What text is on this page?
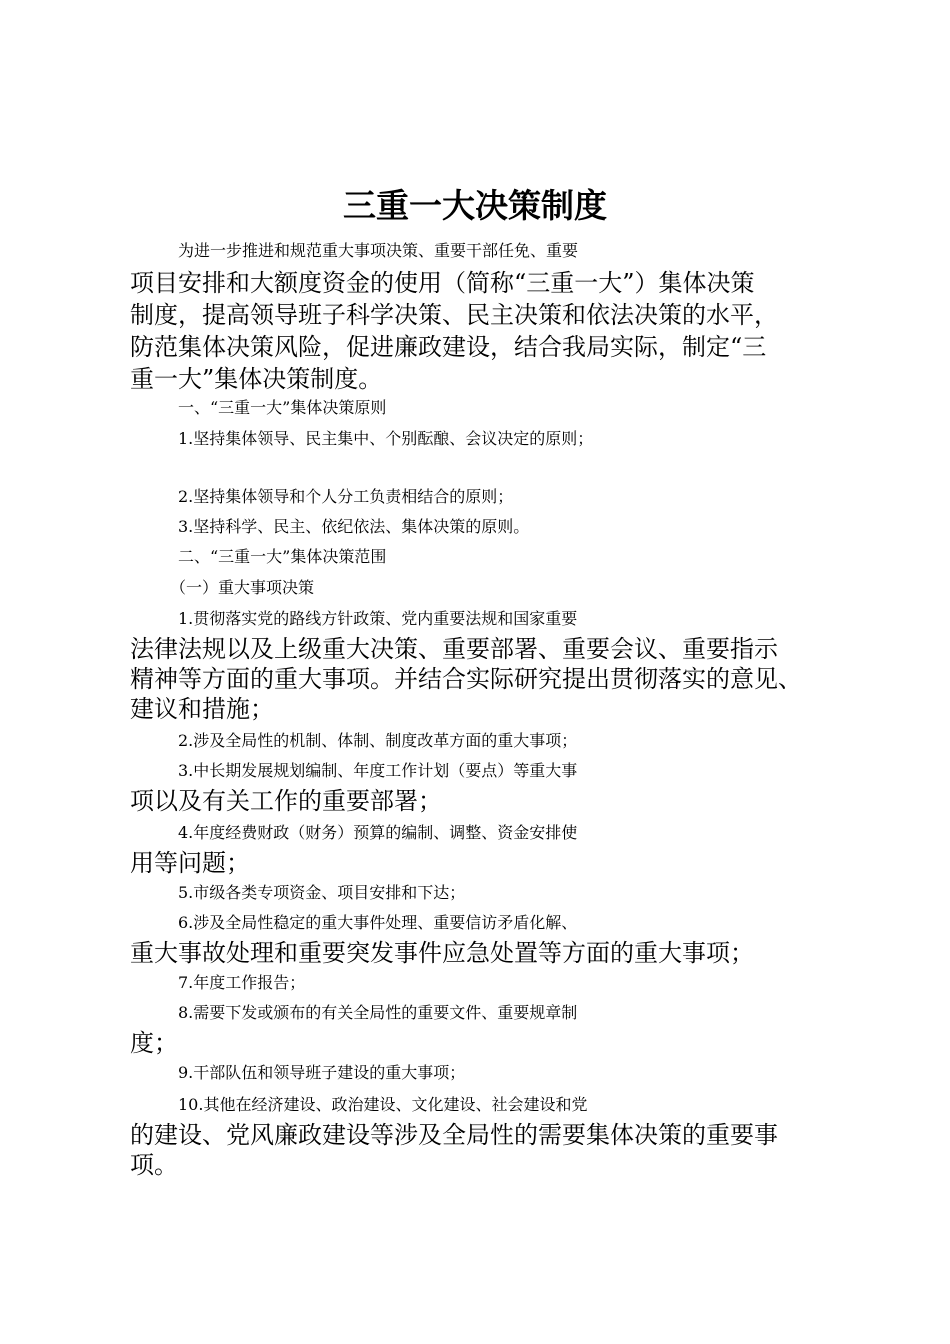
三重一大决策制度
为进一步推进和规范重大事项决策、重要干部任免、重要
项目安排和大额度资金的使用（简称“三重一大”）集体决策
制度，提高领导班子科学决策、民主决策和依法决策的水平，
防范集体决策风险，促进廉政建设，结合我局实际，制定“三
重一大”集体决策制度。
一、“三重一大”集体决策原则
1.坚持集体领导、民主集中、个别酝酿、会议决定的原则；
2.坚持集体领导和个人分工负责相结合的原则；
3.坚持科学、民主、依纪依法、集体决策的原则。
二、“三重一大”集体决策范围
（一）重大事项决策
1.贯彻落实党的路线方针政策、党内重要法规和国家重要
法律法规以及上级重大决策、重要部署、重要会议、重要指示
精神等方面的重大事项。并结合实际研究提出贯彻落实的意见、
建议和措施；
2.涉及全局性的机制、体制、制度改革方面的重大事项；
3.中长期发展规划编制、年度工作计划（要点）等重大事
项以及有关工作的重要部署；
4.年度经费财政（财务）预算的编制、调整、资金安排使
用等问题；
5.市级各类专项资金、项目安排和下达；
6.涉及全局性稳定的重大事件处理、重要信访矛盾化解、
重大事故处理和重要突发事件应急处置等方面的重大事项；
7.年度工作报告；
8.需要下发或颁布的有关全局性的重要文件、重要规章制
度；
9.干部队伍和领导班子建设的重大事项；
10.其他在经济建设、政治建设、文化建设、社会建设和党
的建设、党风廉政建设等涉及全局性的需要集体决策的重要事
项。
